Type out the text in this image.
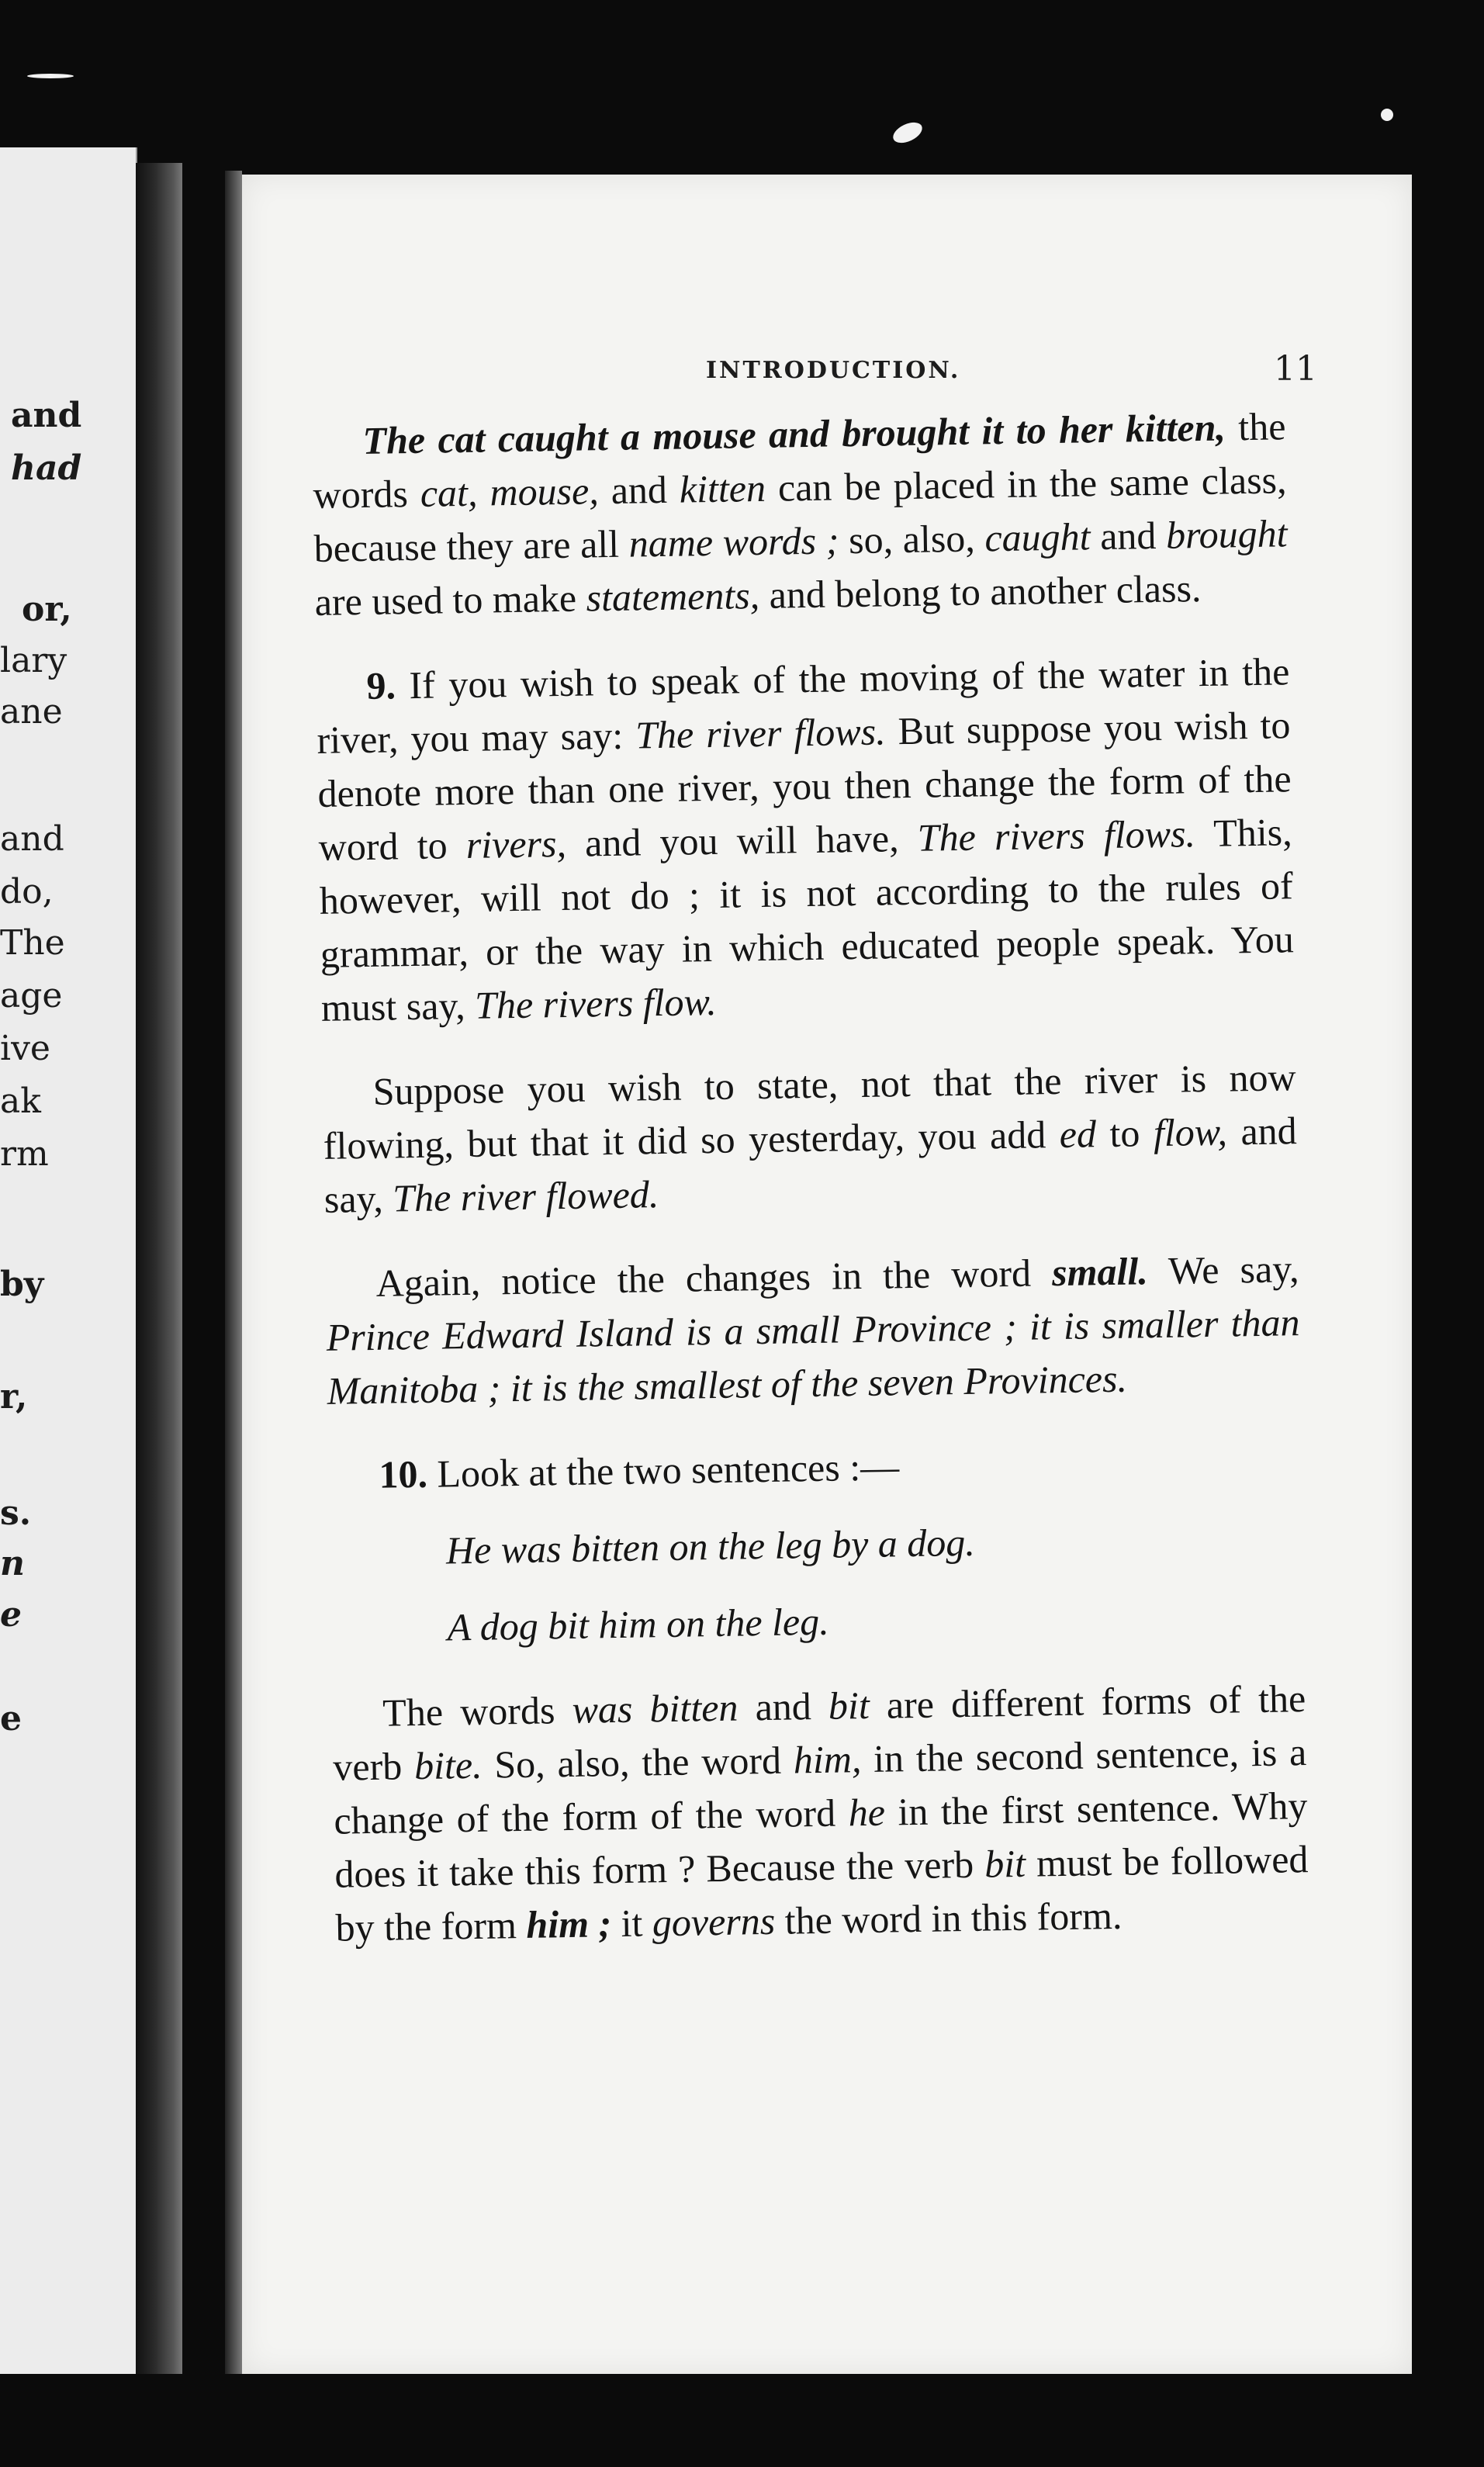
and
had
or,
lary
ane
and
do,
The
age
ive
ak
rm
by
r,
s.
n
e
e
INTRODUCTION.	11

The cat caught a mouse and brought it to her kitten, the words cat, mouse, and kitten can be placed in the same class, because they are all name words ; so, also, caught and brought are used to make statements, and belong to another class.

9. If you wish to speak of the moving of the water in the river, you may say: The river flows. But suppose you wish to denote more than one river, you then change the form of the word to rivers, and you will have, The rivers flows. This, however, will not do ; it is not according to the rules of grammar, or the way in which educated people speak. You must say, The rivers flow.

Suppose you wish to state, not that the river is now flowing, but that it did so yesterday, you add ed to flow, and say, The river flowed.

Again, notice the changes in the word small. We say, Prince Edward Island is a small Province ; it is smaller than Manitoba ; it is the smallest of the seven Provinces.

10. Look at the two sentences :—

He was bitten on the leg by a dog.

A dog bit him on the leg.

The words was bitten and bit are different forms of the verb bite. So, also, the word him, in the second sentence, is a change of the form of the word he in the first sentence. Why does it take this form ? Because the verb bit must be followed by the form him ; it governs the word in this form.
